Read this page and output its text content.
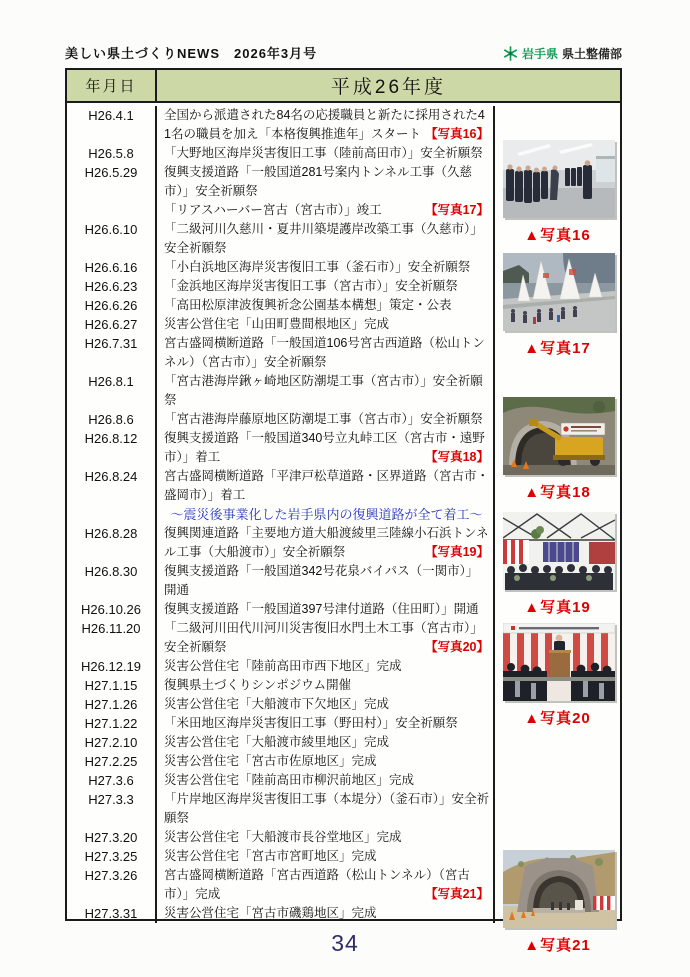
美しい県土づくりNEWS　2026年3月号	岩手県 県土整備部
年月日	平成26年度
H26.4.1	全国から派遣された84名の応援職員と新たに採用された41名の職員を加え「本格復興推進年」スタート 【写真16】
H26.5.8	「大野地区海岸災害復旧工事（陸前高田市）」安全祈願祭
H26.5.29	復興支援道路「一般国道281号案内トンネル工事（久慈市）」安全祈願祭
「リアスハーバー宮古（宮古市）」竣工	【写真17】
H26.6.10	「二級河川久慈川・夏井川築堤護岸改築工事（久慈市）」安全祈願祭
H26.6.16	「小白浜地区海岸災害復旧工事（釜石市）」安全祈願祭
H26.6.23	「金浜地区海岸災害復旧工事（宮古市）」安全祈願祭
H26.6.26	「高田松原津波復興祈念公園基本構想」策定・公表
H26.6.27	災害公営住宅「山田町豊間根地区」完成
H26.7.31	宮古盛岡横断道路「一般国道106号宮古西道路（松山トンネル）（宮古市）」安全祈願祭
H26.8.1	「宮古港海岸鍬ヶ崎地区防潮堤工事（宮古市）」安全祈願祭
H26.8.6	「宮古港海岸藤原地区防潮堤工事（宮古市）」安全祈願祭
H26.8.12	復興支援道路「一般国道340号立丸峠工区（宮古市・遠野市）」着工	【写真18】
H26.8.24	宮古盛岡横断道路「平津戸松草道路・区界道路（宮古市・盛岡市）」着工
～震災後事業化した岩手県内の復興道路が全て着工～
H26.8.28	復興関連道路「主要地方道大船渡綾里三陸線小石浜トンネル工事（大船渡市）」安全祈願祭	【写真19】
H26.8.30	復興支援道路「一般国道342号花泉バイパス（一関市）」開通
H26.10.26	復興支援道路「一般国道397号津付道路（住田町）」開通
H26.11.20	「二級河川田代川河川災害復旧水門土木工事（宮古市）」安全祈願祭	【写真20】
H26.12.19	災害公営住宅「陸前高田市西下地区」完成
H27.1.15	復興県土づくりシンポジウム開催
H27.1.26	災害公営住宅「大船渡市下欠地区」完成
H27.1.22	「米田地区海岸災害復旧工事（野田村）」安全祈願祭
H27.2.10	災害公営住宅「大船渡市綾里地区」完成
H27.2.25	災害公営住宅「宮古市佐原地区」完成
H27.3.6	災害公営住宅「陸前高田市柳沢前地区」完成
H27.3.3	「片岸地区海岸災害復旧工事（本堤分）（釜石市）」安全祈願祭
H27.3.20	災害公営住宅「大船渡市長谷堂地区」完成
H27.3.25	災害公営住宅「宮古市宮町地区」完成
H27.3.26	宮古盛岡横断道路「宮古西道路（松山トンネル）（宮古市）」完成	【写真21】
H27.3.31	災害公営住宅「宮古市磯鶏地区」完成
▲写真16
▲写真17
▲写真18
▲写真19
▲写真20
▲写真21
34
